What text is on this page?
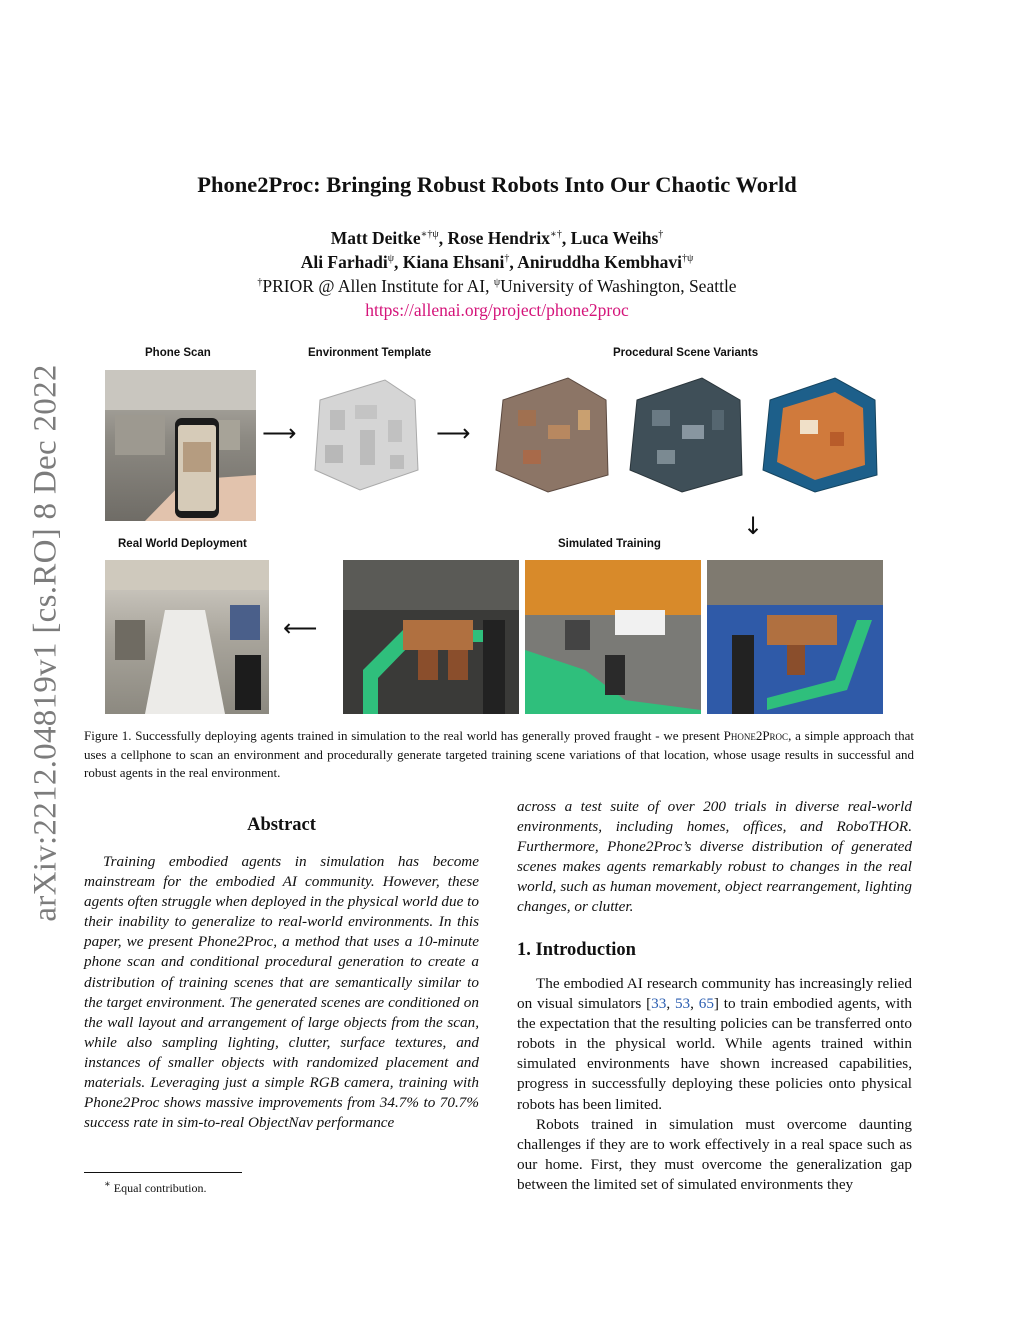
Phone2Proc: Bringing Robust Robots Into Our Chaotic World
Matt Deitke$^{∗\dagger\psi}$, Rose Hendrix∗†, Luca Weihs†
Ali Farhadi$^\psi$, Kiana Ehsani†, Aniruddha Kembhavi$^{\dagger\psi}$
†PRIOR @ Allen Institute for AI, $^\psi$University of Washington, Seattle
https://allenai.org/project/phone2proc
arXiv:2212.04819v1 [cs.RO] 8 Dec 2022
Phone Scan	Environment Template	Procedural Scene Variants
Real World Deployment	Simulated Training
⟶	⟶
↓
⟵
Figure 1. Successfully deploying agents trained in simulation to the real world has generally proved fraught - we present Phone2Proc, a simple approach that uses a cellphone to scan an environment and procedurally generate targeted training scene variations of that location, whose usage results in successful and robust agents in the real environment.
Abstract
Training embodied agents in simulation has become mainstream for the embodied AI community. However, these agents often struggle when deployed in the physical world due to their inability to generalize to real-world environments. In this paper, we present Phone2Proc, a method that uses a 10-minute phone scan and conditional procedural generation to create a distribution of training scenes that are semantically similar to the target environment. The generated scenes are conditioned on the wall layout and arrangement of large objects from the scan, while also sampling lighting, clutter, surface textures, and instances of smaller objects with randomized placement and materials. Leveraging just a simple RGB camera, training with Phone2Proc shows massive improvements from 34.7% to 70.7% success rate in sim-to-real ObjectNav performance
∗ Equal contribution.
across a test suite of over 200 trials in diverse real-world environments, including homes, offices, and RoboTHOR. Furthermore, Phone2Proc’s diverse distribution of generated scenes makes agents remarkably robust to changes in the real world, such as human movement, object rearrangement, lighting changes, or clutter.
1. Introduction
The embodied AI research community has increasingly relied on visual simulators [33, 53, 65] to train embodied agents, with the expectation that the resulting policies can be transferred onto robots in the physical world. While agents trained within simulated environments have shown increased capabilities, progress in successfully deploying these policies onto physical robots has been limited.
Robots trained in simulation must overcome daunting challenges if they are to work effectively in a real space such as our home. First, they must overcome the generalization gap between the limited set of simulated environments they
